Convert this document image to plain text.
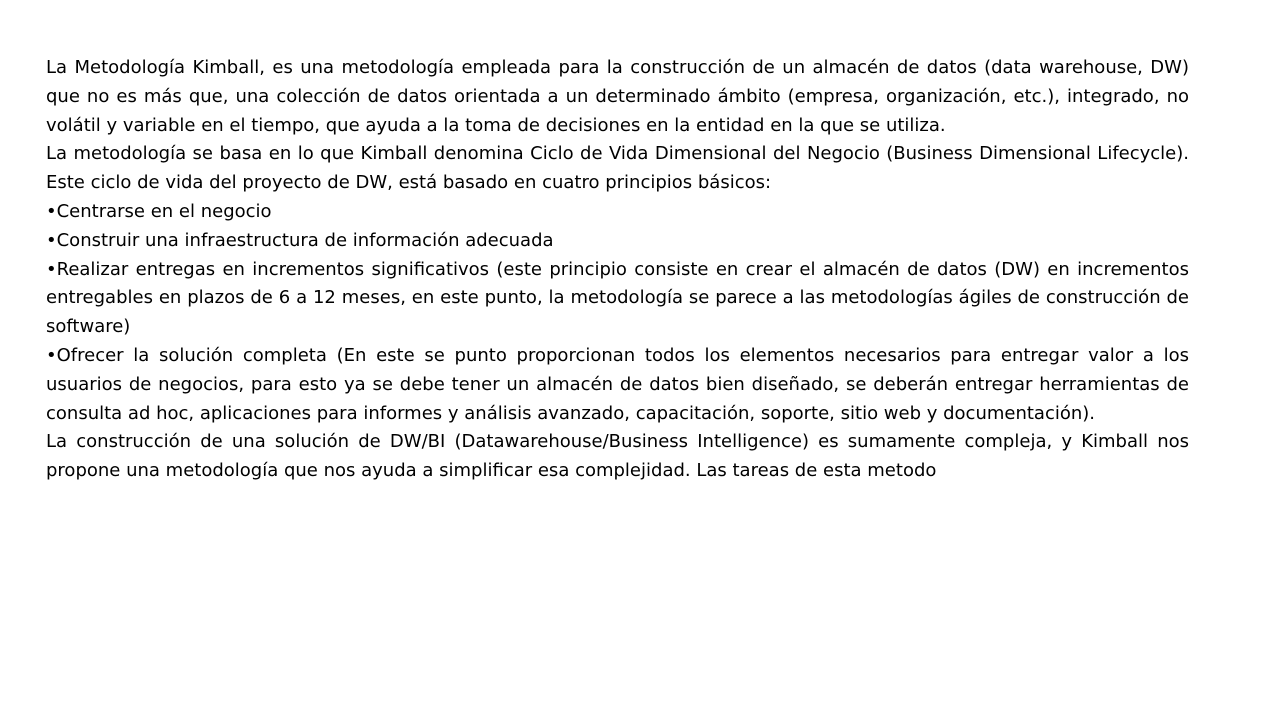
La Metodología Kimball, es una metodología empleada para la construcción de un almacén de datos (data warehouse, DW) que no es más que, una colección de datos orientada a un determinado ámbito (empresa, organización, etc.), integrado, no volátil y variable en el tiempo, que ayuda a la toma de decisiones en la entidad en la que se utiliza.

La metodología se basa en lo que Kimball denomina Ciclo de Vida Dimensional del Negocio (Business Dimensional Lifecycle). Este ciclo de vida del proyecto de DW, está basado en cuatro principios básicos:

•Centrarse en el negocio

•Construir una infraestructura de información adecuada

•Realizar entregas en incrementos significativos (este principio consiste en crear el almacén de datos (DW) en incrementos entregables en plazos de 6 a 12 meses, en este punto, la metodología se parece a las metodologías ágiles de construcción de software)

•Ofrecer la solución completa (En este se punto proporcionan todos los elementos necesarios para entregar valor a los usuarios de negocios, para esto ya se debe tener un almacén de datos bien diseñado, se deberán entregar herramientas de consulta ad hoc, aplicaciones para informes y análisis avanzado, capacitación, soporte, sitio web y documentación).

La construcción de una solución de DW/BI (Datawarehouse/Business Intelligence) es sumamente compleja, y Kimball nos propone una metodología que nos ayuda a simplificar esa complejidad. Las tareas de esta metodo
